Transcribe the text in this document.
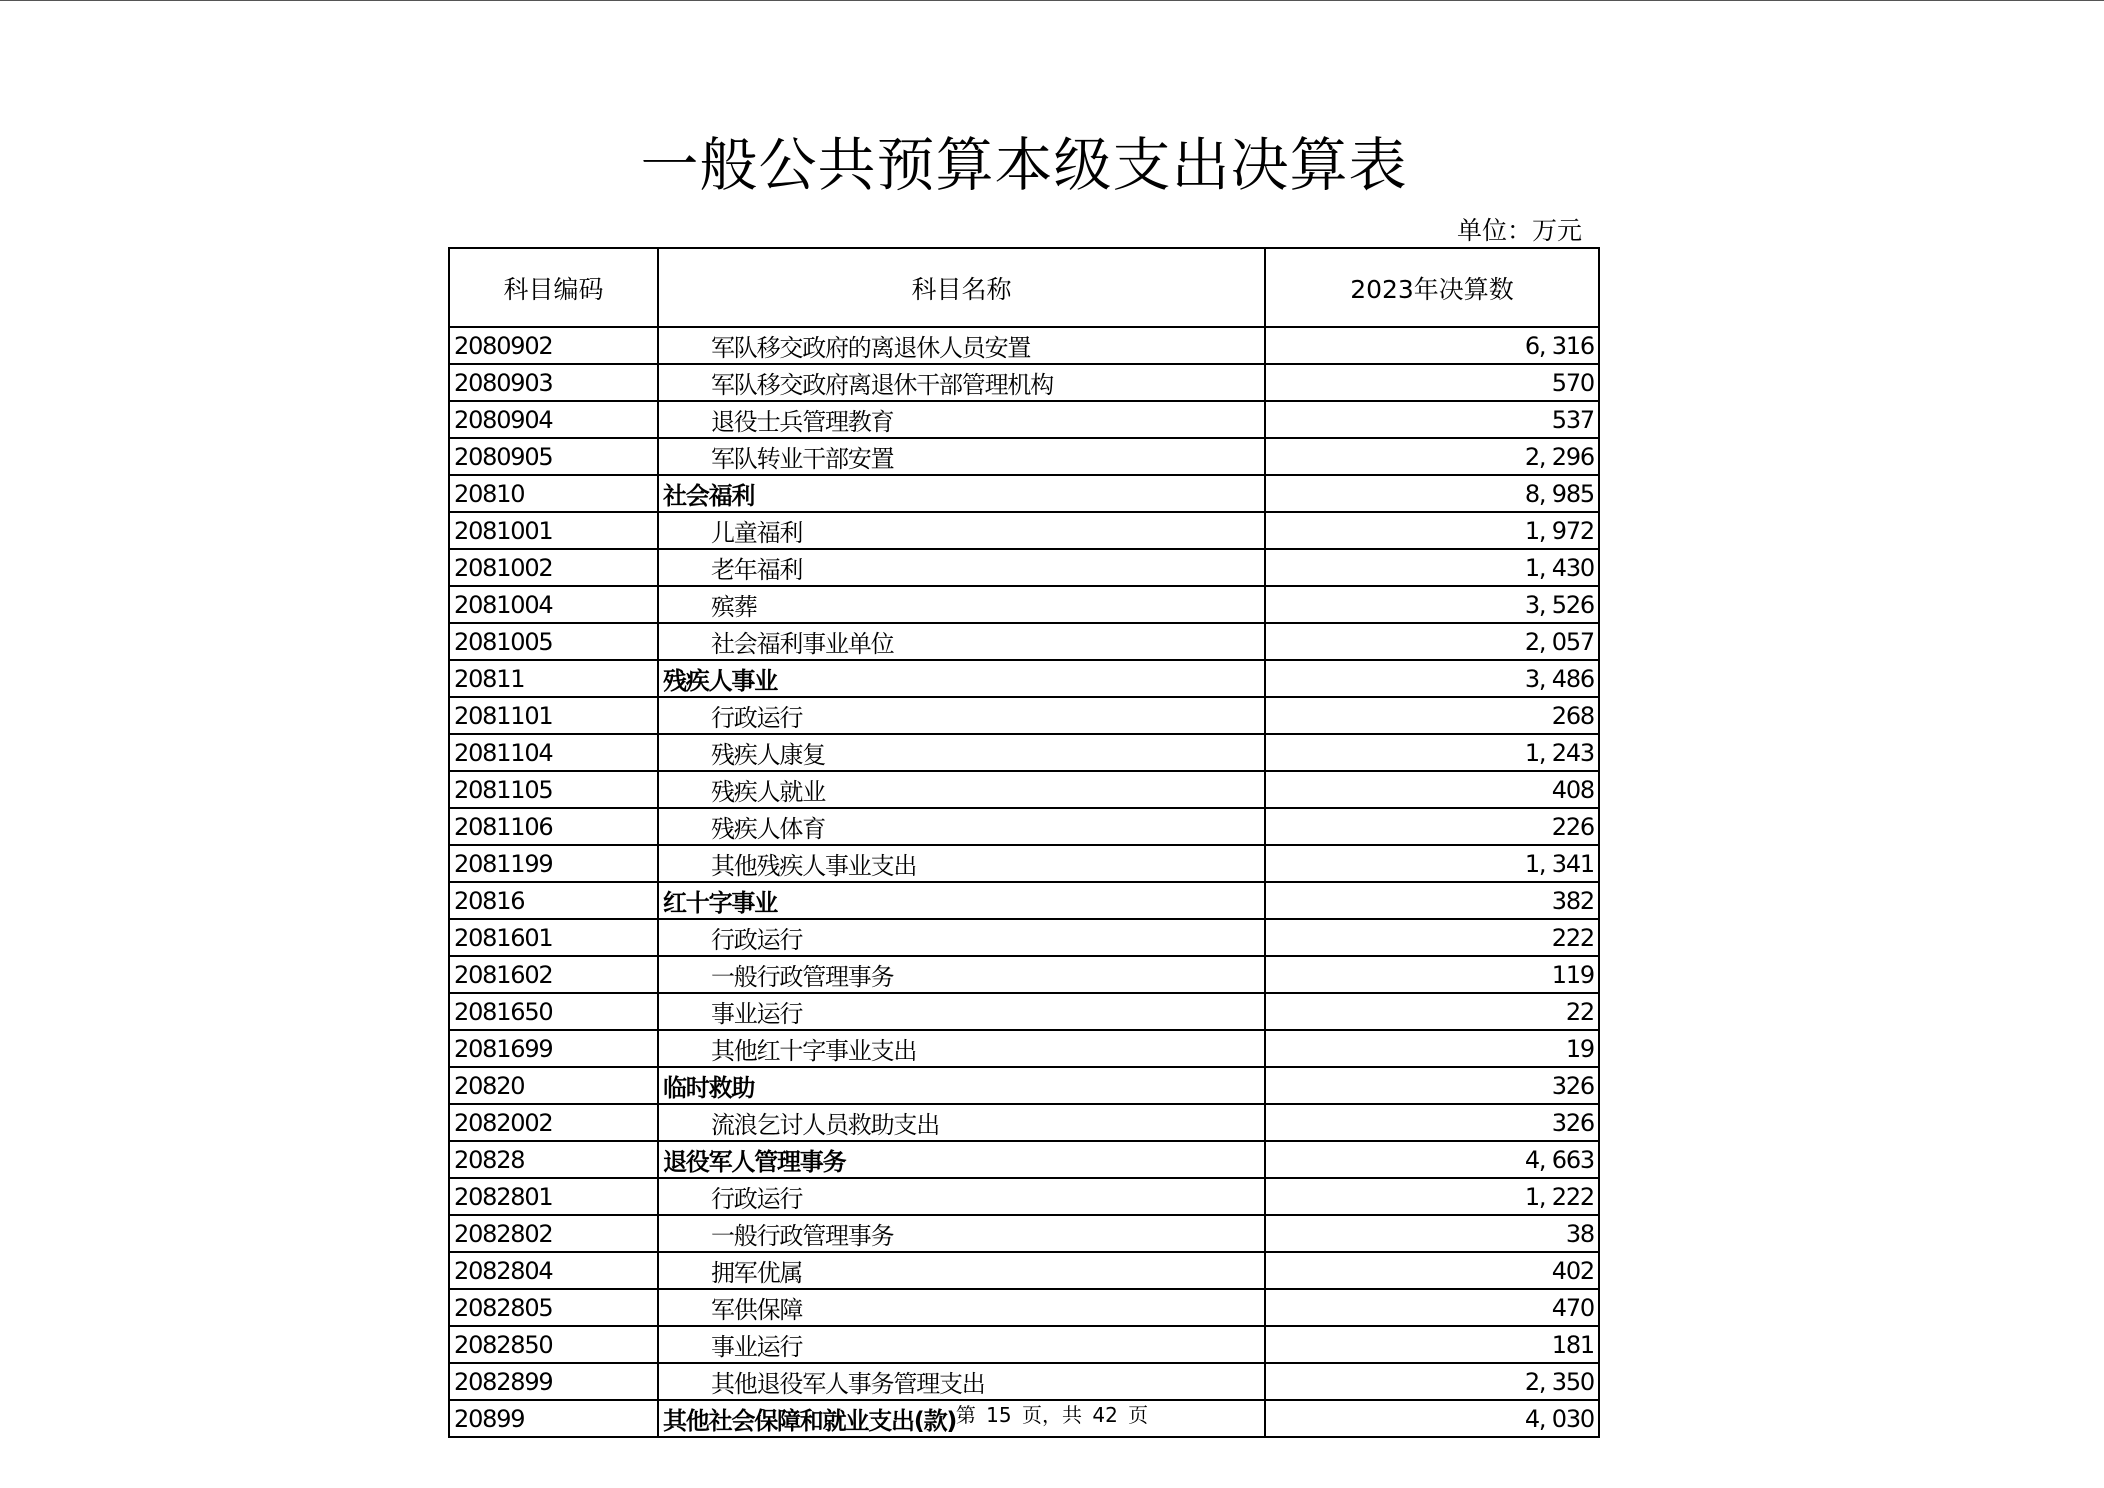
一般公共预算本级支出决算表
单位：万元
科目编码	科目名称	2023年决算数
2080902	军队移交政府的离退休人员安置	6, 316
2080903	军队移交政府离退休干部管理机构	570
2080904	退役士兵管理教育	537
2080905	军队转业干部安置	2, 296
20810	社会福利	8, 985
2081001	儿童福利	1, 972
2081002	老年福利	1, 430
2081004	殡葬	3, 526
2081005	社会福利事业单位	2, 057
20811	残疾人事业	3, 486
2081101	行政运行	268
2081104	残疾人康复	1, 243
2081105	残疾人就业	408
2081106	残疾人体育	226
2081199	其他残疾人事业支出	1, 341
20816	红十字事业	382
2081601	行政运行	222
2081602	一般行政管理事务	119
2081650	事业运行	22
2081699	其他红十字事业支出	19
20820	临时救助	326
2082002	流浪乞讨人员救助支出	326
20828	退役军人管理事务	4, 663
2082801	行政运行	1, 222
2082802	一般行政管理事务	38
2082804	拥军优属	402
2082805	军供保障	470
2082850	事业运行	181
2082899	其他退役军人事务管理支出	2, 350
20899	其他社会保障和就业支出(款)	4, 030
第 15 页，共 42 页
